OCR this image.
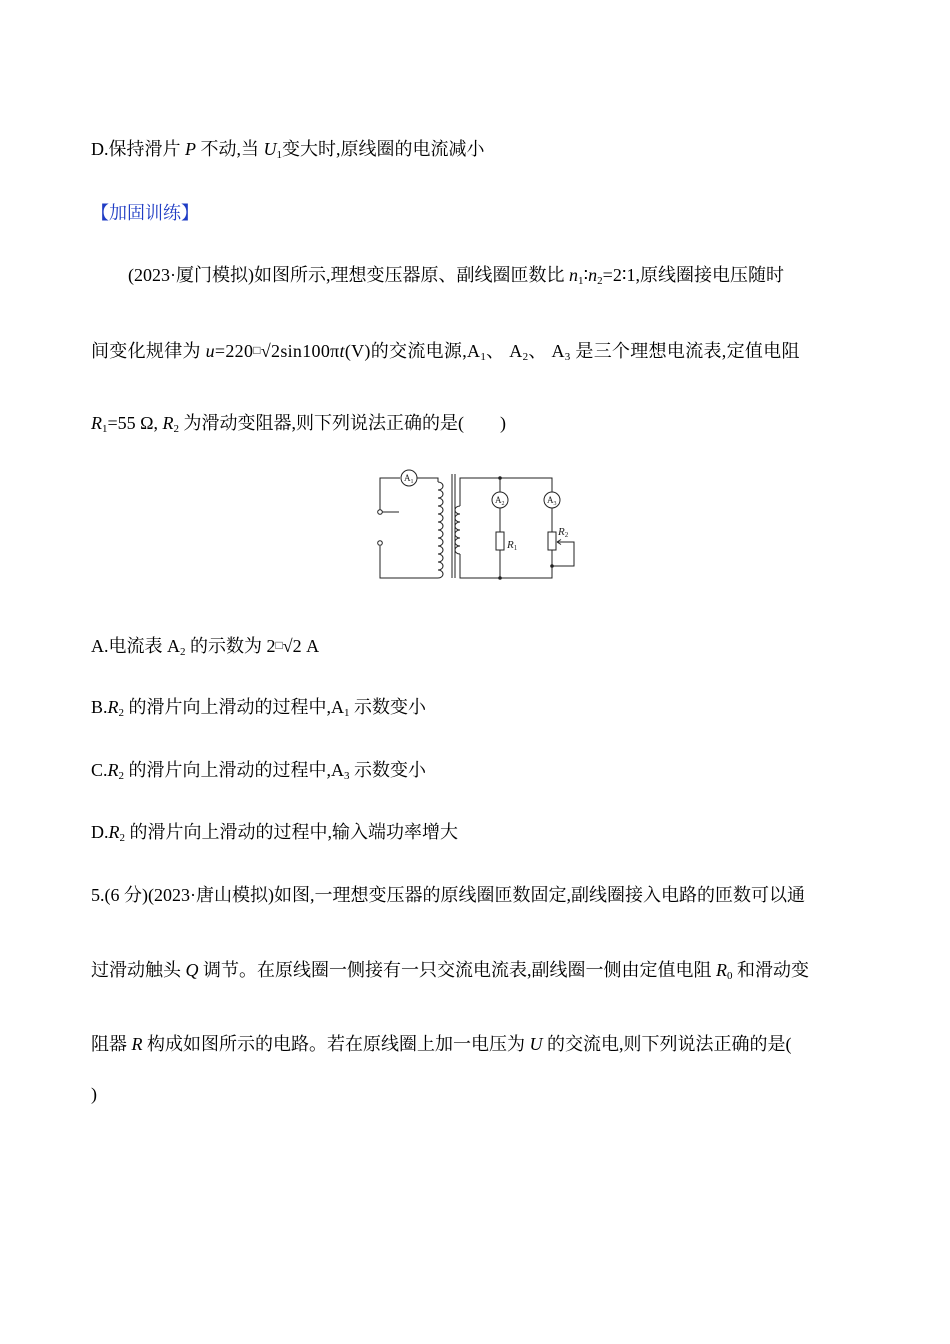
D.保持滑片 P 不动,当 $U_1$变大时,原线圈的电流减小
【加固训练】
(2023·厦门模拟)如图所示,理想变压器原、副线圈匝数比 $n_1∶n_2=2∶1$,原线圈接电压随时
间变化规律为 u=220□√2sin100πt(V)的交流电源$,A_1$、 $A_2$、 $A_3$ 是三个理想电流表,定值电阻
$R_1=55$ Ω, $R_2$ 为滑动变阻器,则下列说法正确的是(　　)
$A_1$
$A_2$	$A_3$
R1
R2
A.电流表 $A_2$ 的示数为 2□√2 A
$B.R_2$ 的滑片向上滑动的过程中$,A_1$ 示数变小
$C.R_2$ 的滑片向上滑动的过程中$,A_3$ 示数变小
$D.R_2$ 的滑片向上滑动的过程中,输入端功率增大
5.(6 分)(2023·唐山模拟)如图,一理想变压器的原线圈匝数固定,副线圈接入电路的匝数可以通
过滑动触头 Q 调节。在原线圈一侧接有一只交流电流表,副线圈一侧由定值电阻 $R_0$ 和滑动变
阻器 R 构成如图所示的电路。若在原线圈上加一电压为 U 的交流电,则下列说法正确的是(
)
